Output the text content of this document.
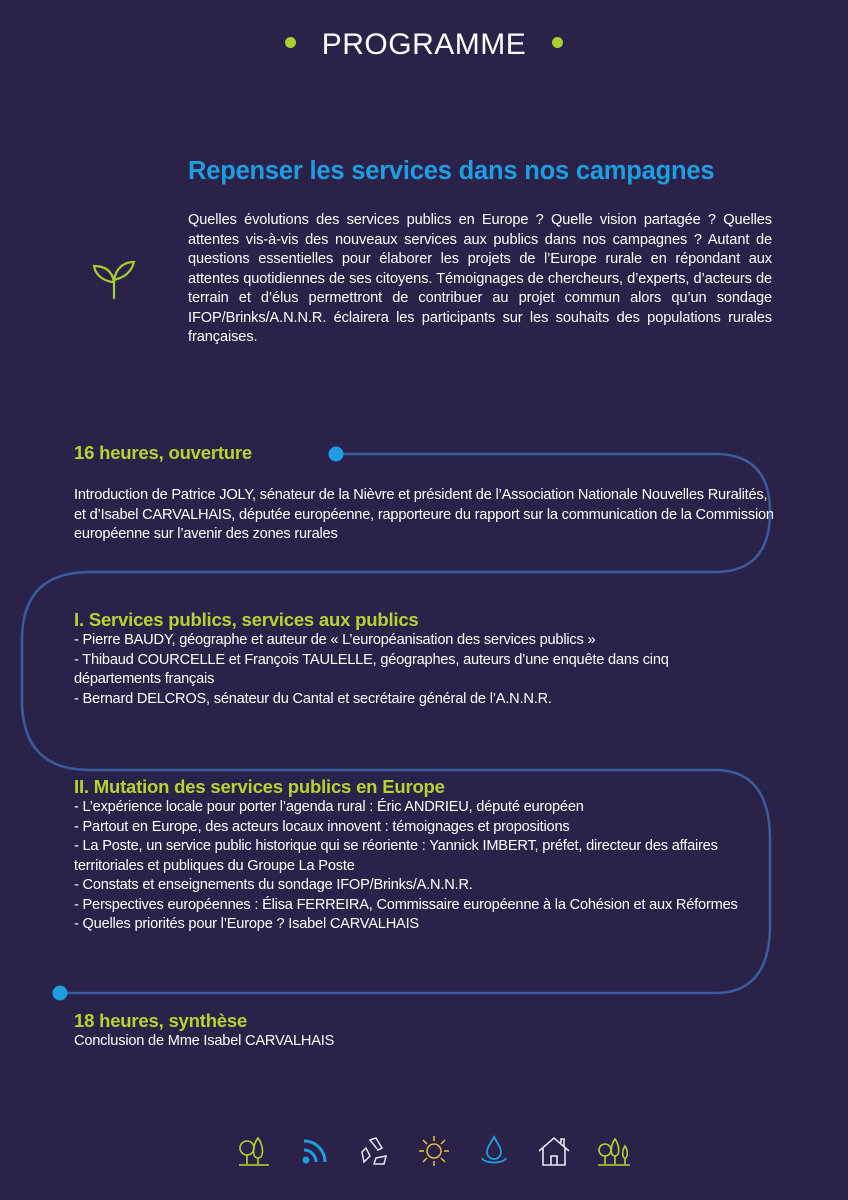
PROGRAMME
Repenser les services dans nos campagnes
Quelles évolutions des services publics en Europe ? Quelle vision partagée ? Quelles attentes vis-à-vis des nouveaux services aux publics dans nos campagnes ? Autant de questions essentielles pour élaborer les projets de l’Europe rurale en répondant aux attentes quotidiennes de ses citoyens. Témoignages de chercheurs, d’experts, d’acteurs de terrain et d’élus permettront de contribuer au projet commun alors qu’un sondage IFOP/Brinks/A.N.N.R. éclairera les participants sur les souhaits des populations rurales françaises.
16 heures, ouverture
Introduction de Patrice JOLY, sénateur de la Nièvre et président de l’Association Nationale Nouvelles Ruralités, et d’Isabel CARVALHAIS, députée européenne, rapporteure du rapport sur la communication de la Commission européenne sur l’avenir des zones rurales
I. Services publics, services aux publics
- Pierre BAUDY, géographe et auteur de « L’européanisation des services publics »
- Thibaud COURCELLE et François TAULELLE, géographes, auteurs d’une enquête dans cinq départements français
- Bernard DELCROS, sénateur du Cantal et secrétaire général de l’A.N.N.R.
II. Mutation des services publics en Europe
- L’expérience locale pour porter l’agenda rural : Éric ANDRIEU, député européen
- Partout en Europe, des acteurs locaux innovent : témoignages et propositions
- La Poste, un service public historique qui se réoriente : Yannick IMBERT, préfet, directeur des affaires territoriales et publiques du Groupe La Poste
- Constats et enseignements du sondage IFOP/Brinks/A.N.N.R.
- Perspectives européennes : Élisa FERREIRA, Commissaire européenne à la Cohésion et aux Réformes
- Quelles priorités pour l’Europe ? Isabel CARVALHAIS
18 heures, synthèse
Conclusion de Mme Isabel CARVALHAIS
